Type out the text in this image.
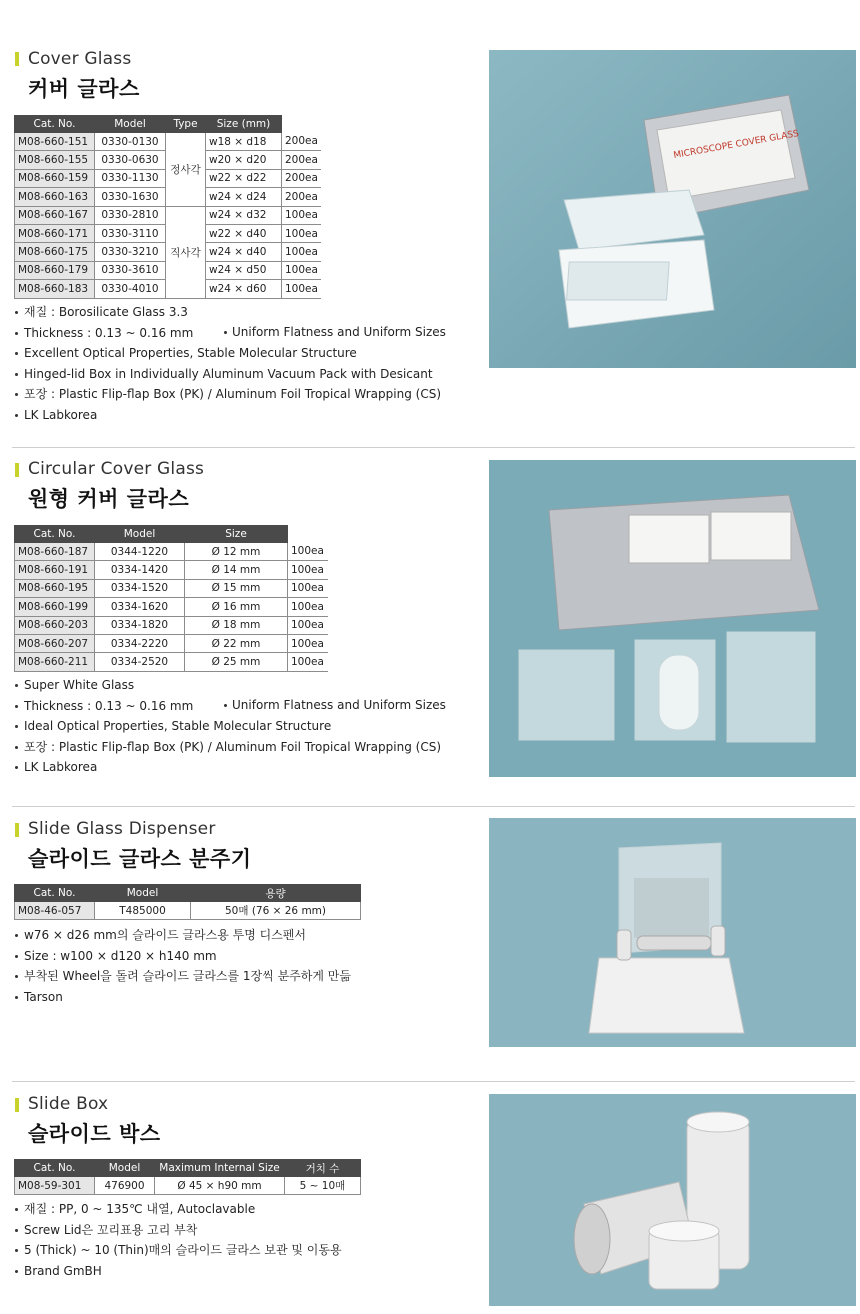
Cover Glass
커버 글라스
Cat. No.	Model	Type	Size (mm)	
M08-660-151	0330-0130	정사각	w18 × d18	200ea
M08-660-155	0330-0630		w20 × d20	200ea
M08-660-159	0330-1130		w22 × d22	200ea
M08-660-163	0330-1630		w24 × d24	200ea
M08-660-167	0330-2810	직사각	w24 × d32	100ea
M08-660-171	0330-3110		w22 × d40	100ea
M08-660-175	0330-3210		w24 × d40	100ea
M08-660-179	0330-3610		w24 × d50	100ea
M08-660-183	0330-4010		w24 × d60	100ea
재질 : Borosilicate Glass 3.3
Thickness : 0.13 ~ 0.16 mm
Excellent Optical Properties, Stable Molecular Structure
Hinged-lid Box in Individually Aluminum Vacuum Pack with Desicant
포장 : Plastic Flip-flap Box (PK) / Aluminum Foil Tropical Wrapping (CS)
LK Labkorea
Uniform Flatness and Uniform Sizes
MICROSCOPE COVER GLASS
Circular Cover Glass
원형 커버 글라스
Cat. No.	Model	Size	
M08-660-187	0344-1220	Ø 12 mm	100ea
M08-660-191	0334-1420	Ø 14 mm	100ea
M08-660-195	0334-1520	Ø 15 mm	100ea
M08-660-199	0334-1620	Ø 16 mm	100ea
M08-660-203	0334-1820	Ø 18 mm	100ea
M08-660-207	0334-2220	Ø 22 mm	100ea
M08-660-211	0334-2520	Ø 25 mm	100ea
Super White Glass
Thickness : 0.13 ~ 0.16 mm
Ideal Optical Properties, Stable Molecular Structure
포장 : Plastic Flip-flap Box (PK) / Aluminum Foil Tropical Wrapping (CS)
LK Labkorea
Uniform Flatness and Uniform Sizes
Slide Glass Dispenser
슬라이드 글라스 분주기
Cat. No.	Model	용량
M08-46-057	T485000	50매 (76 × 26 mm)
w76 × d26 mm의 슬라이드 글라스용 투명 디스펜서
Size : w100 × d120 × h140 mm
부착된 Wheel을 돌려 슬라이드 글라스를 1장씩 분주하게 만듦
Tarson
Slide Box
슬라이드 박스
Cat. No.	Model	Maximum Internal Size	거치 수
M08-59-301	476900	Ø 45 × h90 mm	5 ~ 10매
재질 : PP, 0 ~ 135℃ 내열, Autoclavable
Screw Lid은 꼬리표용 고리 부착
5 (Thick) ~ 10 (Thin)매의 슬라이드 글라스 보관 및 이동용
Brand GmBH
